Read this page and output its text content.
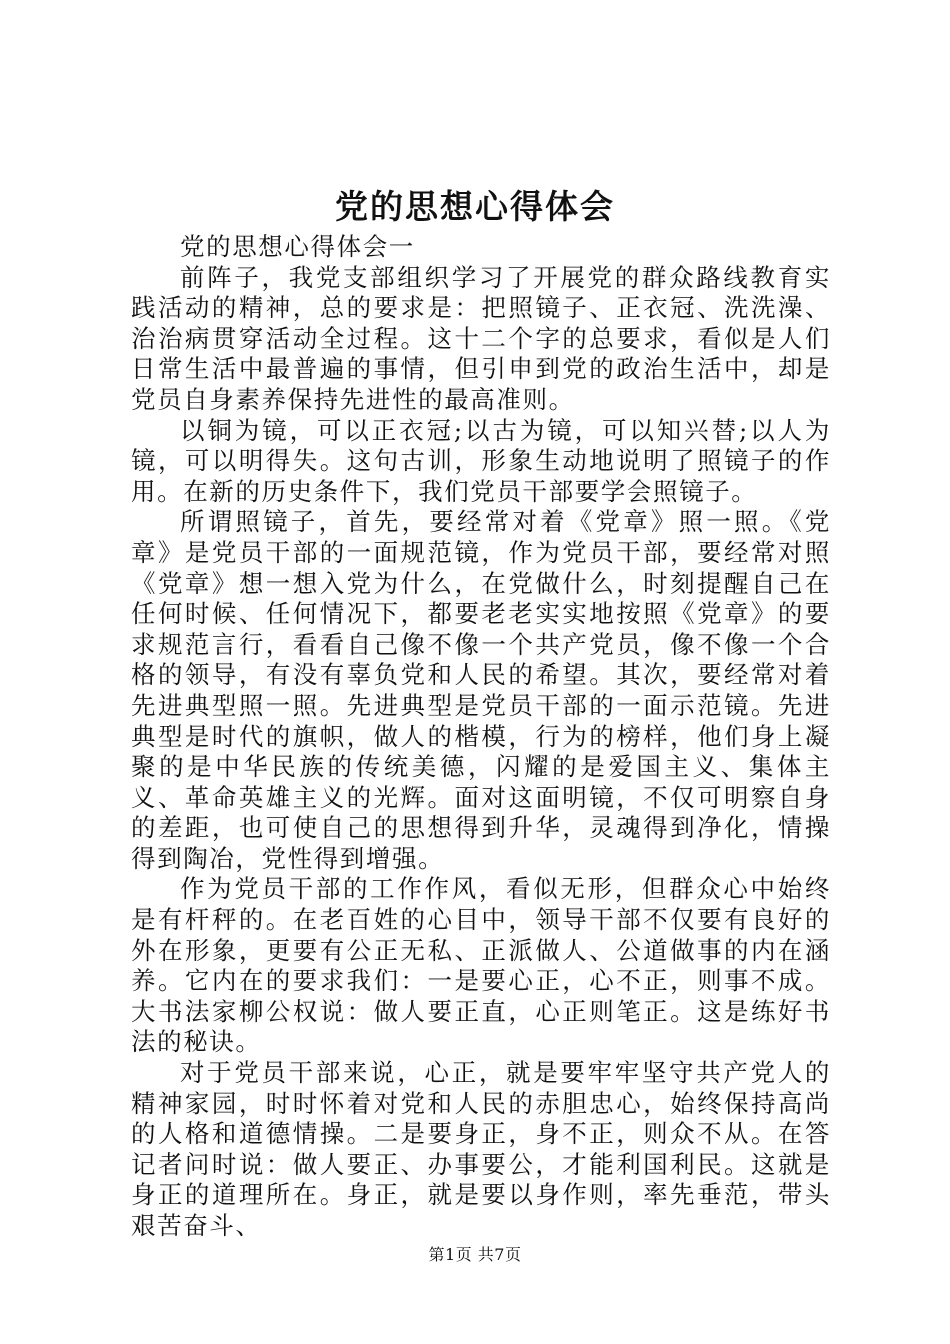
党的思想心得体会

党的思想心得体会一

前阵子，我党支部组织学习了开展党的群众路线教育实践活动的精神，总的要求是：把照镜子、正衣冠、洗洗澡、治治病贯穿活动全过程。这十二个字的总要求，看似是人们日常生活中最普遍的事情，但引申到党的政治生活中，却是党员自身素养保持先进性的最高准则。

以铜为镜，可以正衣冠;以古为镜，可以知兴替;以人为镜，可以明得失。这句古训，形象生动地说明了照镜子的作用。在新的历史条件下，我们党员干部要学会照镜子。

所谓照镜子，首先，要经常对着《党章》照一照。《党章》是党员干部的一面规范镜，作为党员干部，要经常对照《党章》想一想入党为什么，在党做什么，时刻提醒自己在任何时候、任何情况下，都要老老实实地按照《党章》的要求规范言行，看看自己像不像一个共产党员，像不像一个合格的领导，有没有辜负党和人民的希望。其次，要经常对着先进典型照一照。先进典型是党员干部的一面示范镜。先进典型是时代的旗帜，做人的楷模，行为的榜样，他们身上凝聚的是中华民族的传统美德，闪耀的是爱国主义、集体主义、革命英雄主义的光辉。面对这面明镜，不仅可明察自身的差距，也可使自己的思想得到升华，灵魂得到净化，情操得到陶冶，党性得到增强。

作为党员干部的工作作风，看似无形，但群众心中始终是有杆秤的。在老百姓的心目中，领导干部不仅要有良好的外在形象，更要有公正无私、正派做人、公道做事的内在涵养。它内在的要求我们：一是要心正，心不正，则事不成。大书法家柳公权说：做人要正直，心正则笔正。这是练好书法的秘诀。

对于党员干部来说，心正，就是要牢牢坚守共产党人的精神家园，时时怀着对党和人民的赤胆忠心，始终保持高尚的人格和道德情操。二是要身正，身不正，则众不从。在答记者问时说：做人要正、办事要公，才能利国利民。这就是身正的道理所在。身正，就是要以身作则，率先垂范，带头艰苦奋斗、

第1页 共7页
